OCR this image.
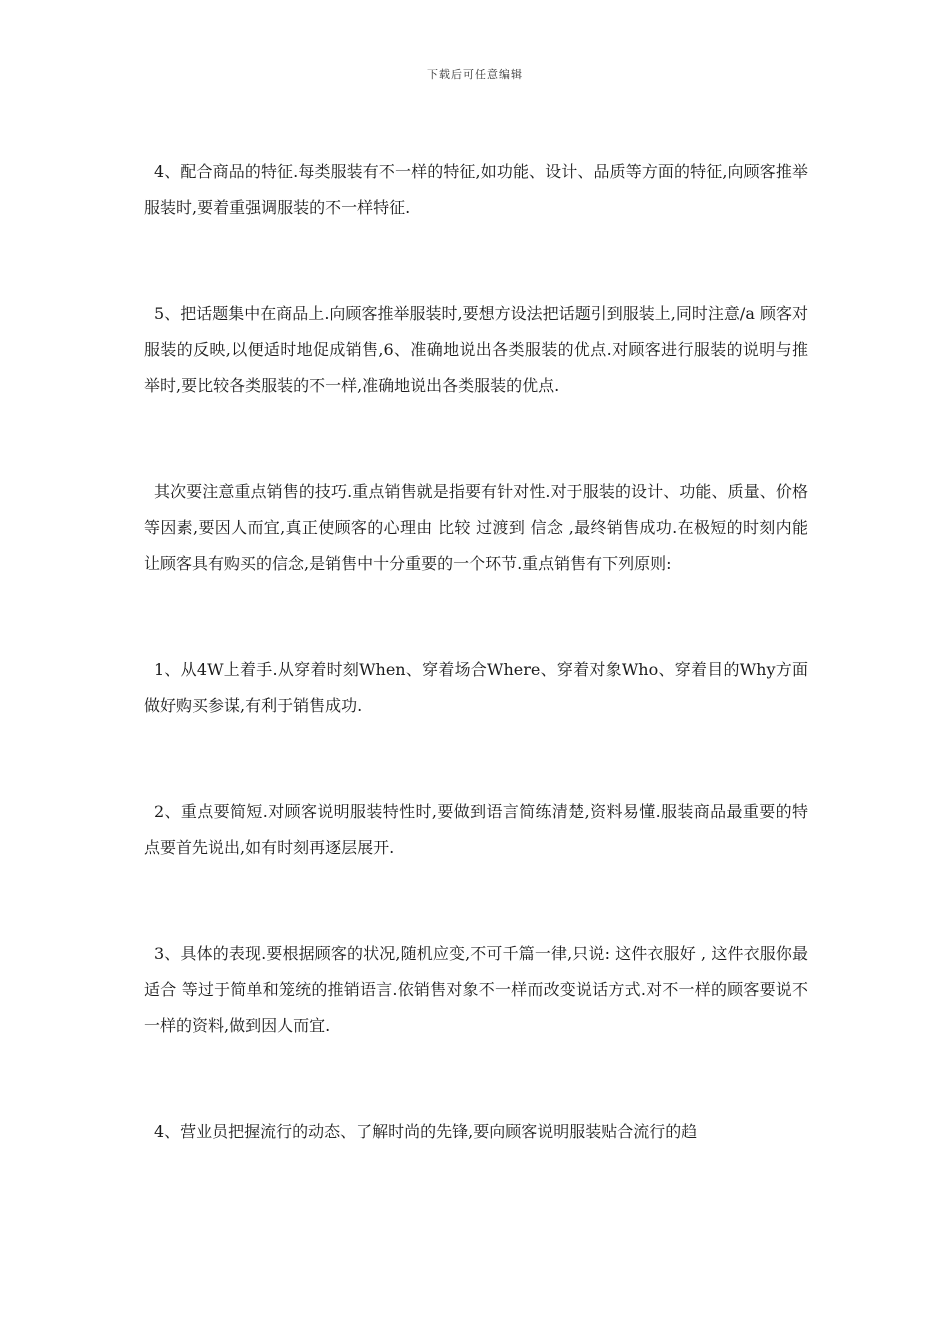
下载后可任意编辑

4、配合商品的特征.每类服装有不一样的特征,如功能、设计、品质等方面的特征,向顾客推举服装时,要着重强调服装的不一样特征.

5、把话题集中在商品上.向顾客推举服装时,要想方设法把话题引到服装上,同时注意/a 顾客对服装的反映,以便适时地促成销售,6、准确地说出各类服装的优点.对顾客进行服装的说明与推举时,要比较各类服装的不一样,准确地说出各类服装的优点.

其次要注意重点销售的技巧.重点销售就是指要有针对性.对于服装的设计、功能、质量、价格等因素,要因人而宜,真正使顾客的心理由 比较 过渡到 信念 ,最终销售成功.在极短的时刻内能让顾客具有购买的信念,是销售中十分重要的一个环节.重点销售有下列原则:

1、从4W上着手.从穿着时刻When、穿着场合Where、穿着对象Who、穿着目的Why方面做好购买参谋,有利于销售成功.

2、重点要简短.对顾客说明服装特性时,要做到语言简练清楚,资料易懂.服装商品最重要的特点要首先说出,如有时刻再逐层展开.

3、具体的表现.要根据顾客的状况,随机应变,不可千篇一律,只说: 这件衣服好 , 这件衣服你最适合 等过于简单和笼统的推销语言.依销售对象不一样而改变说话方式.对不一样的顾客要说不一样的资料,做到因人而宜.

4、营业员把握流行的动态、了解时尚的先锋,要向顾客说明服装贴合流行的趋
